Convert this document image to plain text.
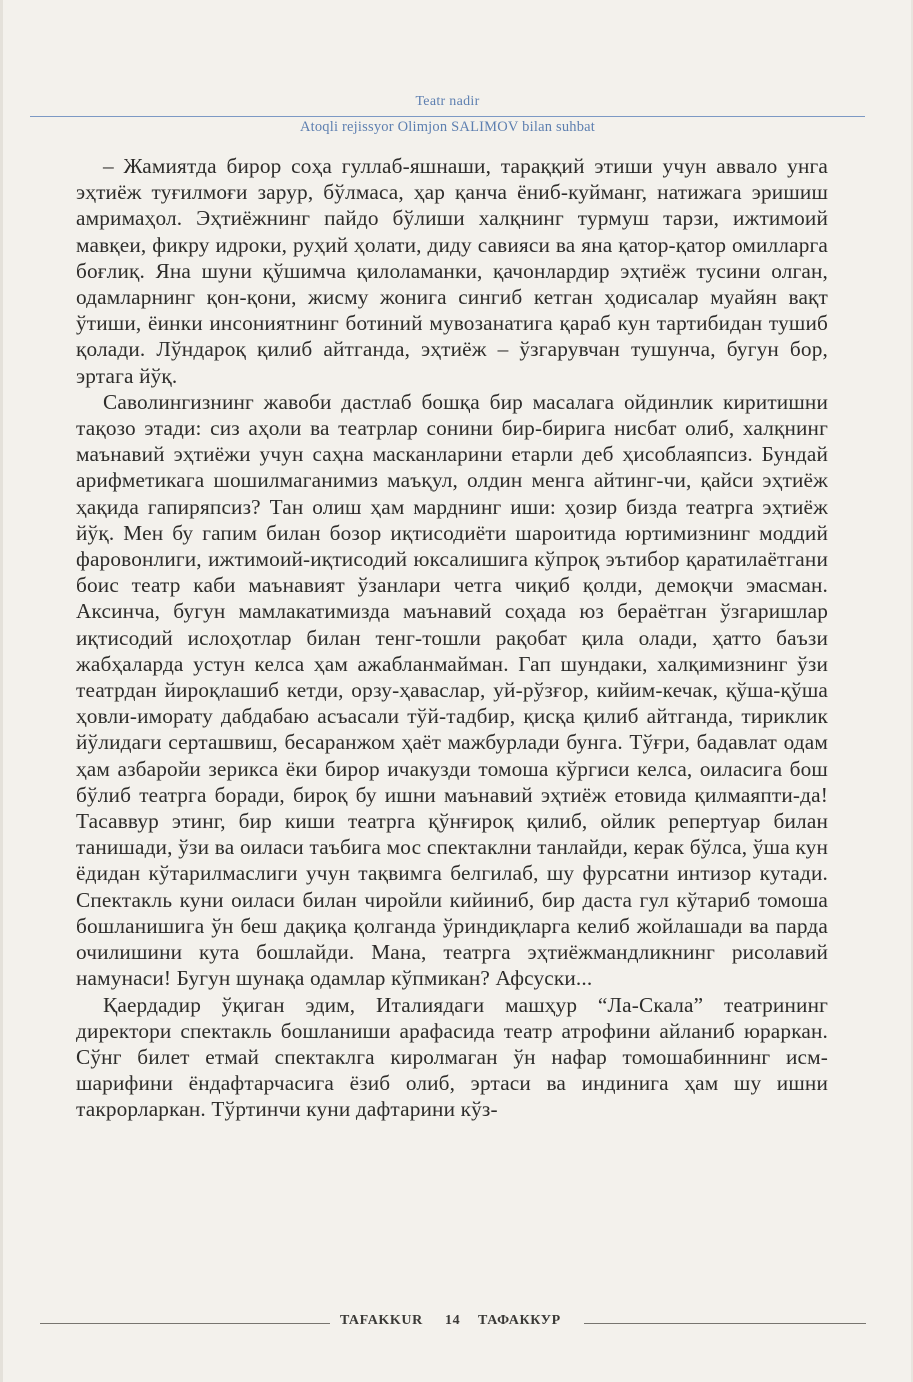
Teatr nadir
Atoqli rejissyor Olimjon SALIMOV bilan suhbat

– Жамиятда бирор соҳа гуллаб-яшнаши, тараққий этиши учун аввало унга эҳтиёж туғилмоғи зарур, бўлмаса, ҳар қанча ёниб-куйманг, натижага эришиш амримаҳол. Эҳтиёжнинг пайдо бўлиши халқнинг турмуш тарзи, ижтимоий мавқеи, фикру идроки, руҳий ҳолати, диду савияси ва яна қатор-қатор омилларга боғлиқ. Яна шуни қўшимча қилоламанки, қачонлардир эҳтиёж тусини олган, одамларнинг қон-қони, жисму жонига сингиб кетган ҳодисалар муайян вақт ўтиши, ёинки инсониятнинг ботиний мувозанатига қараб кун тартибидан тушиб қолади. Лўндароқ қилиб айтганда, эҳтиёж – ўзгарувчан тушунча, бугун бор, эртага йўқ.

Саволингизнинг жавоби дастлаб бошқа бир масалага ойдинлик киритишни тақозо этади: сиз аҳоли ва театрлар сонини бир-бирига нисбат олиб, халқнинг маънавий эҳтиёжи учун саҳна масканларини етарли деб ҳисоблаяпсиз. Бундай арифметикага шошилмаганимиз маъқул, олдин менга айтинг-чи, қайси эҳтиёж ҳақида гапиряпсиз? Тан олиш ҳам марднинг иши: ҳозир бизда театрга эҳтиёж йўқ. Мен бу гапим билан бозор иқтисодиёти шароитида юртимизнинг моддий фаровонлиги, ижтимоий-иқтисодий юксалишига кўпроқ эътибор қаратилаётгани боис театр каби маънавият ўзанлари четга чиқиб қолди, демоқчи эмасман. Аксинча, бугун мамлакатимизда маънавий соҳада юз бераётган ўзгаришлар иқтисодий ислоҳотлар билан тенг-тошли рақобат қила олади, ҳатто баъзи жабҳаларда устун келса ҳам ажабланмайман. Гап шундаки, халқимизнинг ўзи театрдан йироқлашиб кетди, орзу-ҳаваслар, уй-рўзғор, кийим-кечак, қўша-қўша ҳовли-иморату дабдабаю асъасали тўй-тадбир, қисқа қилиб айтганда, тириклик йўлидаги серташвиш, бесаранжом ҳаёт мажбурлади бунга. Тўғри, бадавлат одам ҳам азбаройи зерикса ёки бирор ичакузди томоша кўргиси келса, оиласига бош бўлиб театрга боради, бироқ бу ишни маънавий эҳтиёж етовида қилмаяпти-да! Тасаввур этинг, бир киши театрга қўнғироқ қилиб, ойлик репертуар билан танишади, ўзи ва оиласи таъбига мос спектаклни танлайди, керак бўлса, ўша кун ёдидан кўтарилмаслиги учун тақвимга белгилаб, шу фурсатни интизор кутади. Спектакль куни оиласи билан чиройли кийиниб, бир даста гул кўтариб томоша бошланишига ўн беш дақиқа қолганда ўриндиқларга келиб жойлашади ва парда очилишини кута бошлайди. Мана, театрга эҳтиёжмандликнинг рисолавий намунаси! Бугун шунақа одамлар кўпмикан? Афсуски...

Қаердадир ўқиган эдим, Италиядаги машҳур “Ла-Скала” театрининг директори спектакль бошланиши арафасида театр атрофини айланиб юраркан. Сўнг билет етмай спектаклга киролмаган ўн нафар томошабиннинг исм-шарифини ёндафтарчасига ёзиб олиб, эртаси ва индинига ҳам шу ишни такрорларкан. Тўртинчи куни дафтарини кўз-

TAFAKKUR 14 ТАФАККУР
